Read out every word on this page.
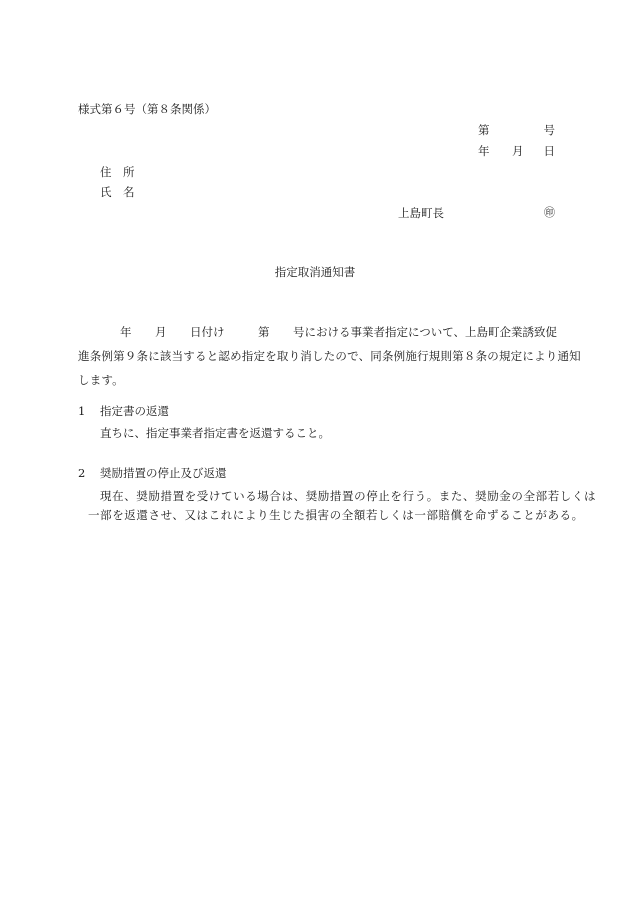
様式第６号（第８条関係）
第	号
年 月 日
住　所
氏　名
上島町長	㊞
指定取消通知書
年 月 日付け	第 号における事業者指定について、上島町企業誘致促
進条例第９条に該当すると認め指定を取り消したので、同条例施行規則第８条の規定により通知
します。
1 指定書の返還
直ちに、指定事業者指定書を返還すること。
2 奨励措置の停止及び返還
現在、奨励措置を受けている場合は、奨励措置の停止を行う。また、奨励金の全部若しくは
一部を返還させ、又はこれにより生じた損害の全額若しくは一部賠償を命ずることがある。
